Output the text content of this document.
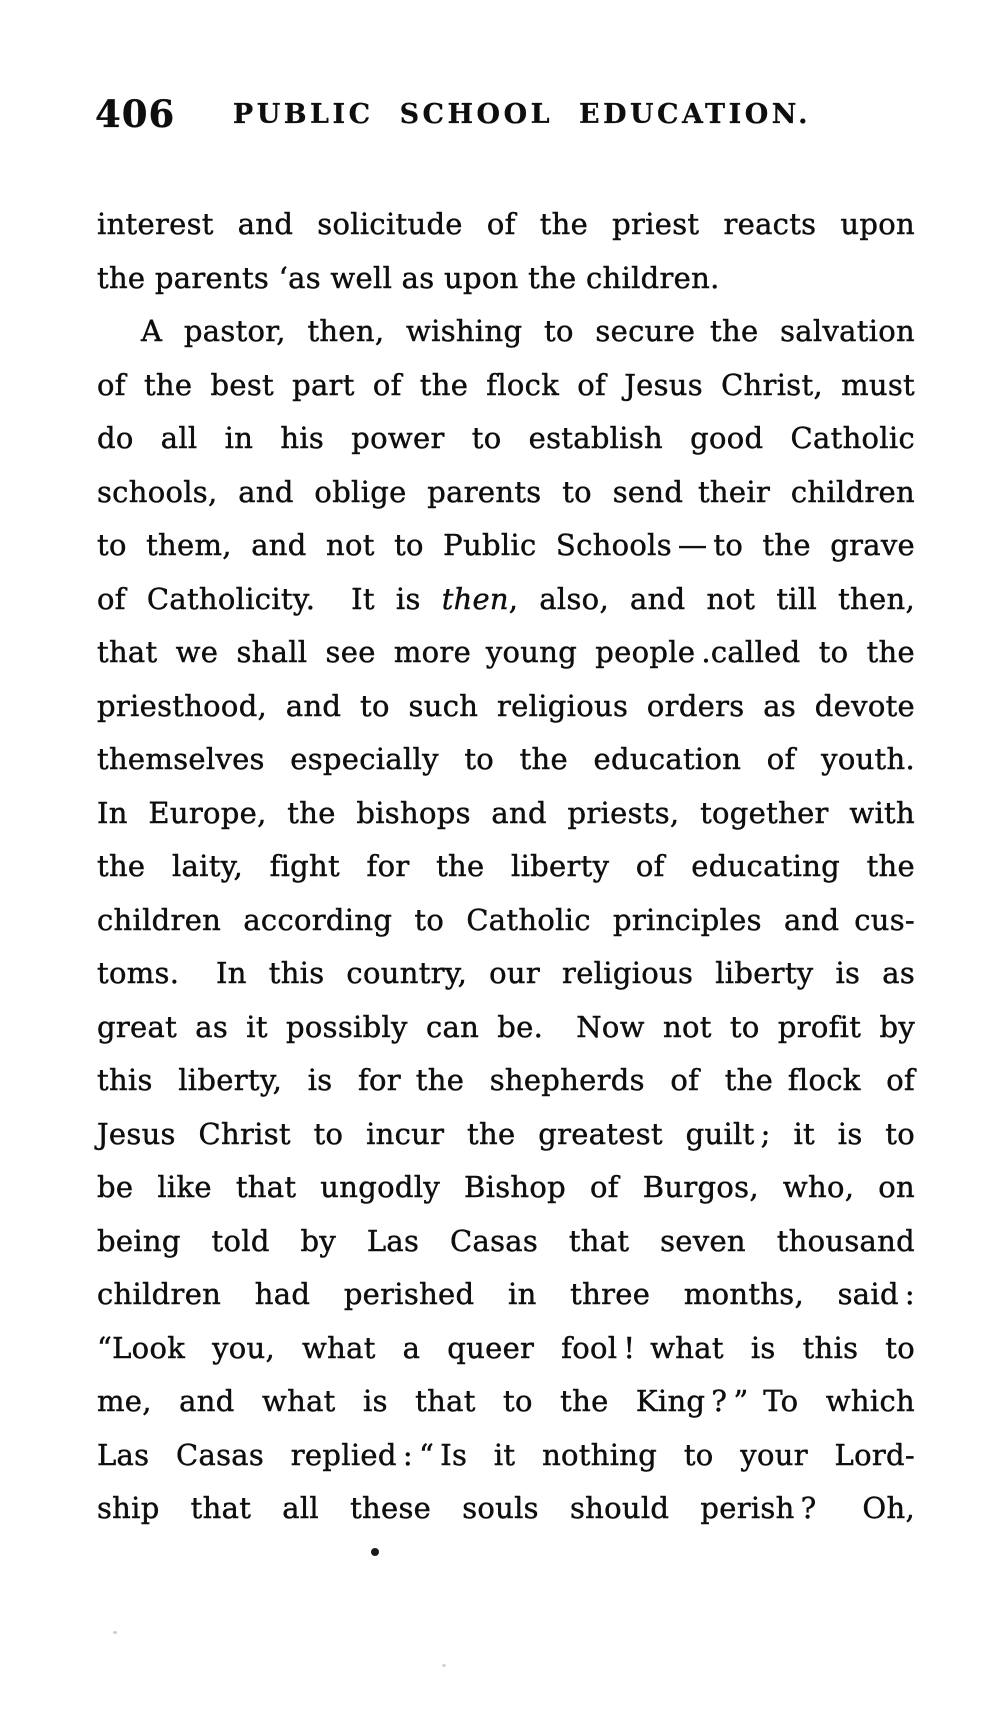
406	PUBLIC SCHOOL EDUCATION.
interest and solicitude of the priest reacts upon
the parents ʻas well as upon the children.
A pastor, then, wishing to secure the salvation
of the best part of the flock of Jesus Christ, must
do all in his power to establish good Catholic
schools, and oblige parents to send their children
to them, and not to Public Schools — to the grave
of Catholicity.  It is then, also, and not till then,
that we shall see more young people .called to the
priesthood, and to such religious orders as devote
themselves especially to the education of youth.
In Europe, the bishops and priests, together with
the laity, fight for the liberty of educating the
children according to Catholic principles and cus-
toms.  In this country, our religious liberty is as
great as it possibly can be.  Now not to profit by
this liberty, is for the shepherds of the flock of
Jesus Christ to incur the greatest guilt ; it is to
be like that ungodly Bishop of Burgos, who, on
being told by Las Casas that seven thousand
children had perished in three months, said :
“Look you, what a queer fool ! what is this to
me, and what is that to the King ? ” To which
Las Casas replied : “ Is it nothing to your Lord-
ship that all these souls should perish ?  Oh,
